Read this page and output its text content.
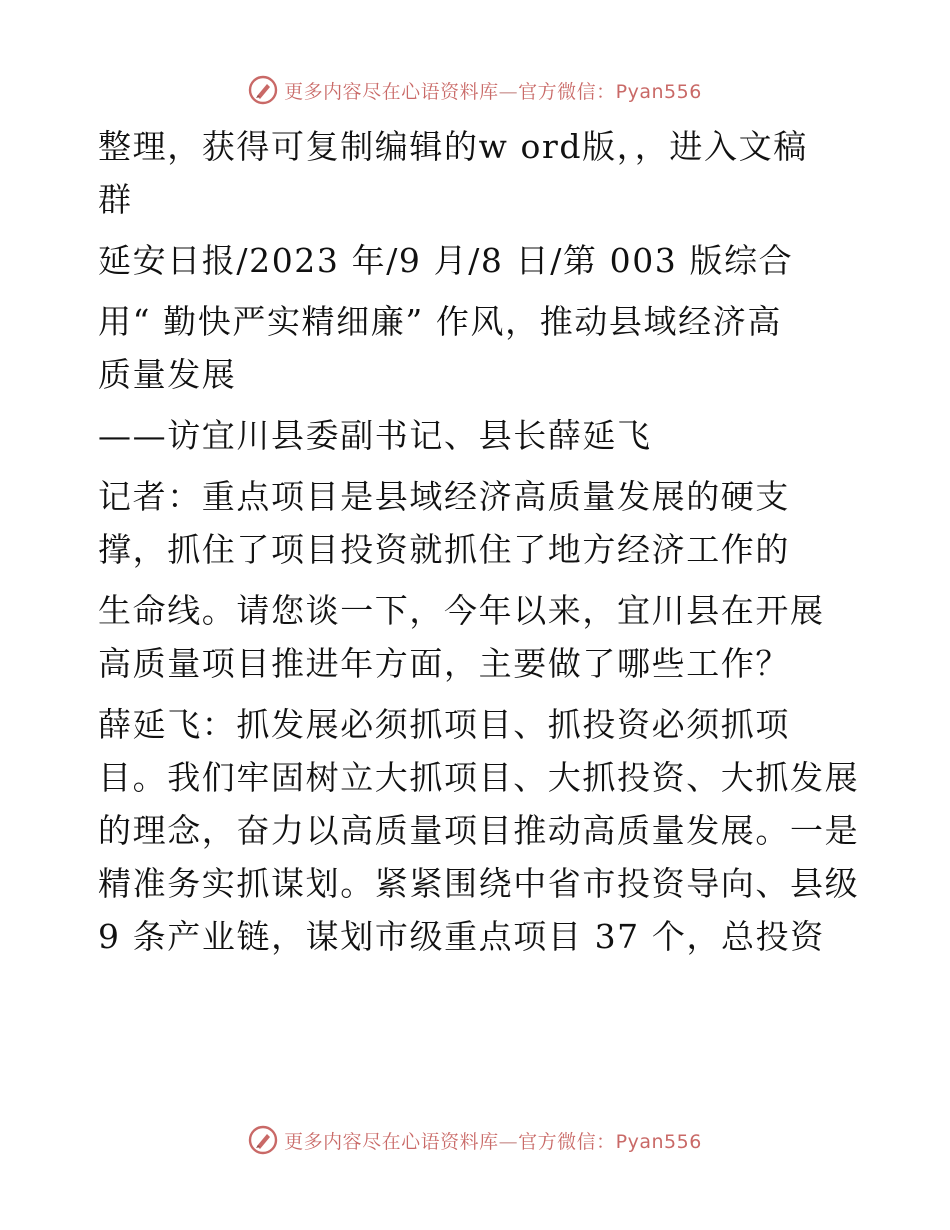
更多内容尽在心语资料库—官方微信：Pyan556
整理，获得可复制编辑的w ord版，，进入文稿
群
延安日报/2023 年/9 月/8 日/第 003 版综合
用“ 勤快严实精细廉” 作风，推动县域经济高
质量发展
——访宜川县委副书记、县长薛延飞
记者：重点项目是县域经济高质量发展的硬支
撑，抓住了项目投资就抓住了地方经济工作的
生命线。请您谈一下，今年以来，宜川县在开展
高质量项目推进年方面，主要做了哪些工作？
薛延飞：抓发展必须抓项目、抓投资必须抓项
目。我们牢固树立大抓项目、大抓投资、大抓发展
的理念，奋力以高质量项目推动高质量发展。一是
精准务实抓谋划。紧紧围绕中省市投资导向、县级
9 条产业链，谋划市级重点项目 37 个，总投资
更多内容尽在心语资料库—官方微信：Pyan556
